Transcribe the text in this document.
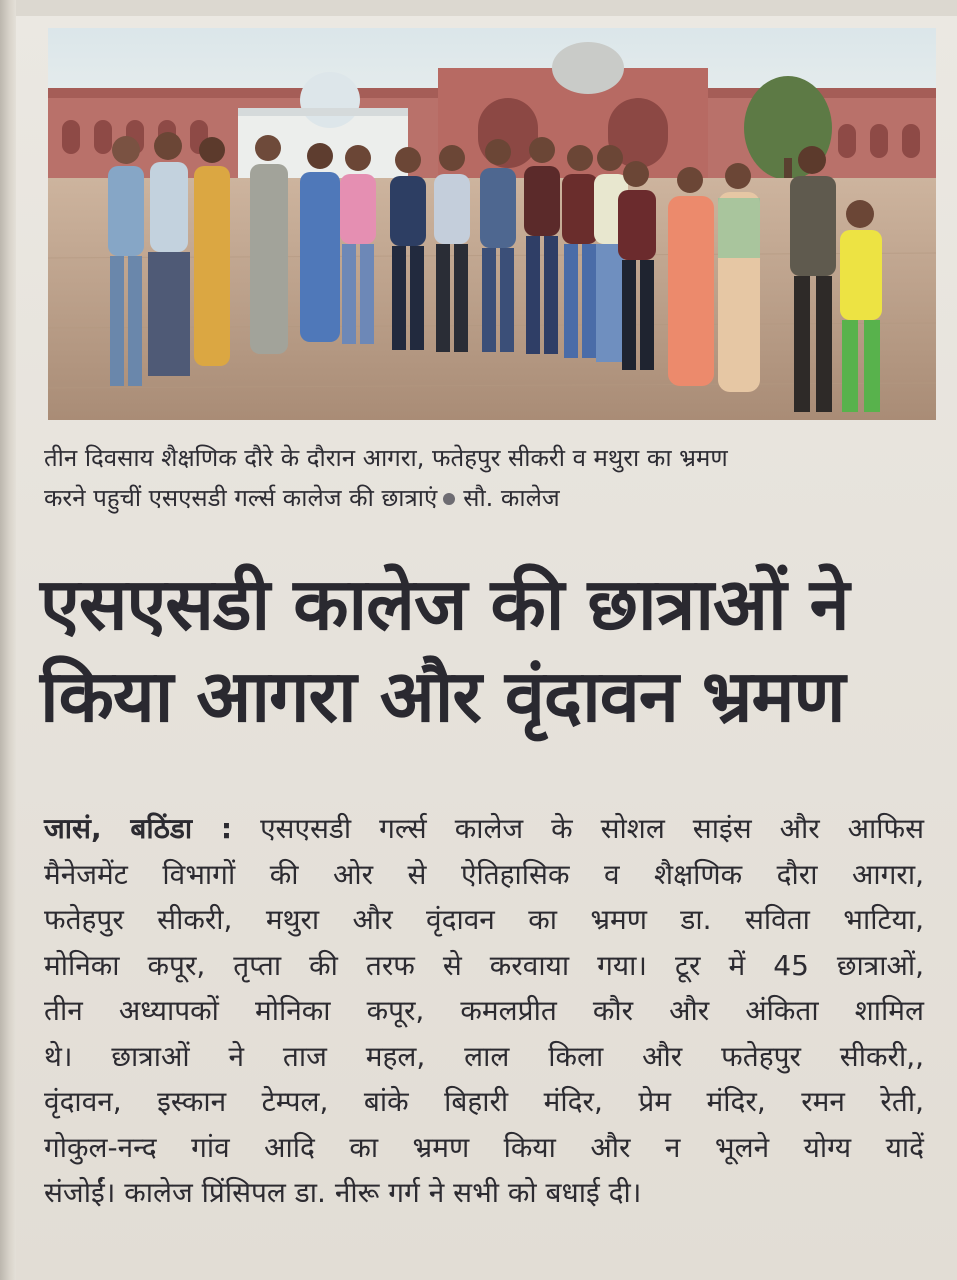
तीन दिवसाय शैक्षणिक दौरे के दौरान आगरा, फतेहपुर सीकरी व मथुरा का भ्रमण
करने पहुचीं एसएसडी गर्ल्स कालेज की छात्राएं सौ. कालेज
एसएसडी कालेज की छात्राओं ने
किया आगरा और वृंदावन भ्रमण
जासं, बठिंडा : एसएसडी गर्ल्स कालेज के सोशल साइंस और आफिस
मैनेजमेंट विभागों की ओर से ऐतिहासिक व शैक्षणिक दौरा आगरा,
फतेहपुर सीकरी, मथुरा और वृंदावन का भ्रमण डा. सविता भाटिया,
मोनिका कपूर, तृप्ता की तरफ से करवाया गया। टूर में 45 छात्राओं,
तीन अध्यापकों मोनिका कपूर, कमलप्रीत कौर और अंकिता शामिल
थे। छात्राओं ने ताज महल, लाल किला और फतेहपुर सीकरी,,
वृंदावन, इस्कान टेम्पल, बांके बिहारी मंदिर, प्रेम मंदिर, रमन रेती,
गोकुल-नन्द गांव आदि का भ्रमण किया और न भूलने योग्य यादें
संजोईं। कालेज प्रिंसिपल डा. नीरू गर्ग ने सभी को बधाई दी।
